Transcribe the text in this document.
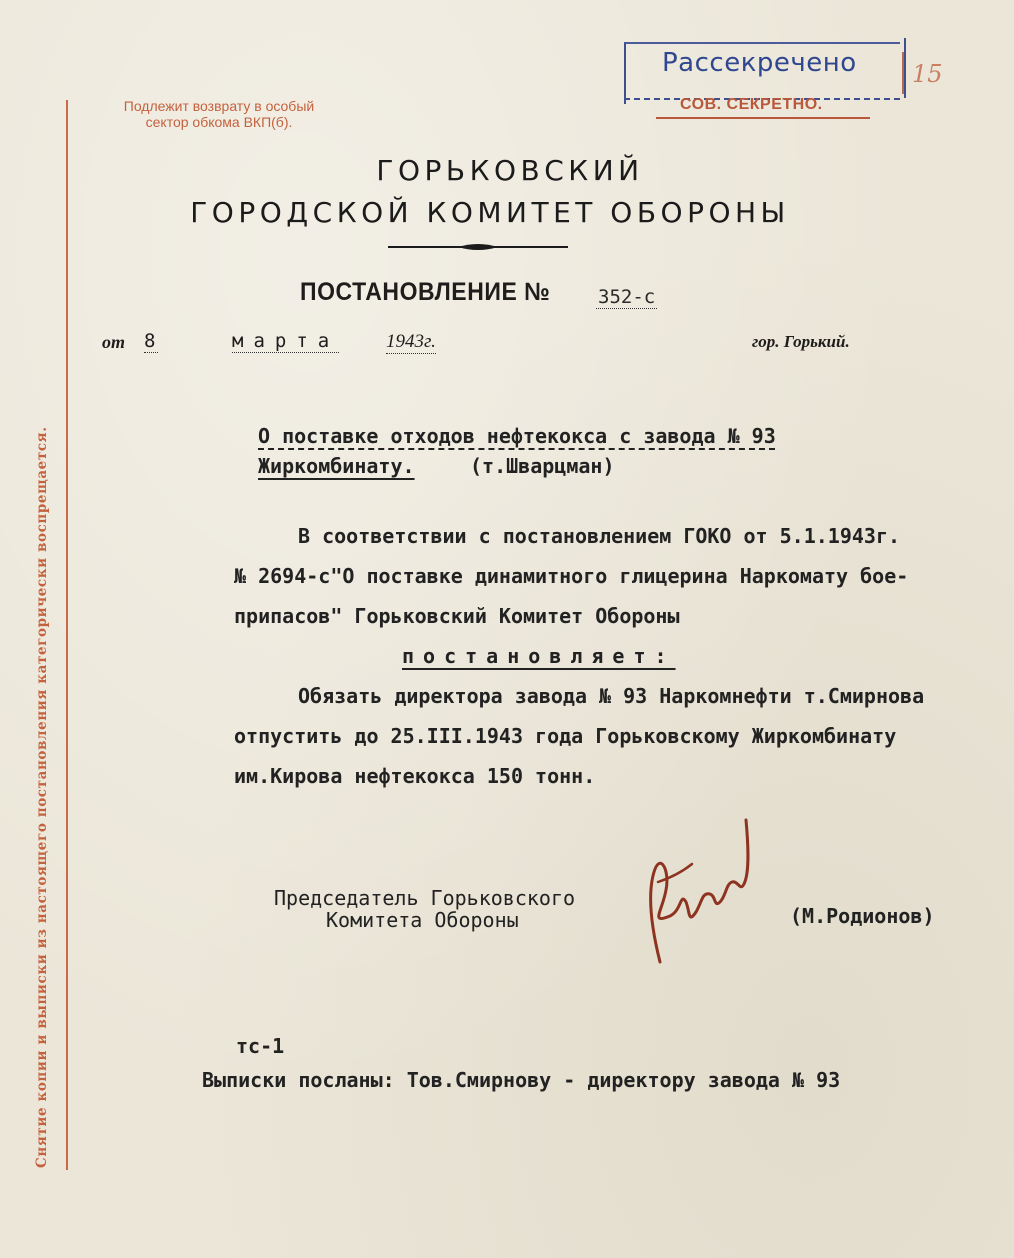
Снятие копии и выписки из настоящего постановления категорически воспрещается.
Подлежит возврату в особый
сектор обкома ВКП(б).
Рассекречено
СОВ. СЕКРЕТНО.
15
ГОРЬКОВСКИЙ
ГОРОДСКОЙ КОМИТЕТ ОБОРОНЫ
ПОСТАНОВЛЕНИЕ №	352-с
от 8	марта 1943г.	гор. Горький.
О поставке отходов нефтекокса с завода № 93
Жиркомбинату.	(т.Шварцман)
В соответствии с постановлением ГОКО от 5.1.1943г.
№ 2694-с"О поставке динамитного глицерина Наркомату бое-
припасов" Горьковский Комитет Обороны
постановляет:
Обязать директора завода № 93 Наркомнефти т.Смирнова
отпустить до 25.III.1943 года Горьковскому Жиркомбинату
им.Кирова нефтекокса 150 тонн.
Председатель Горьковского
Комитета Обороны	(М.Родионов)
тс-1
Выписки посланы: Тов.Смирнову - директору завода № 93
